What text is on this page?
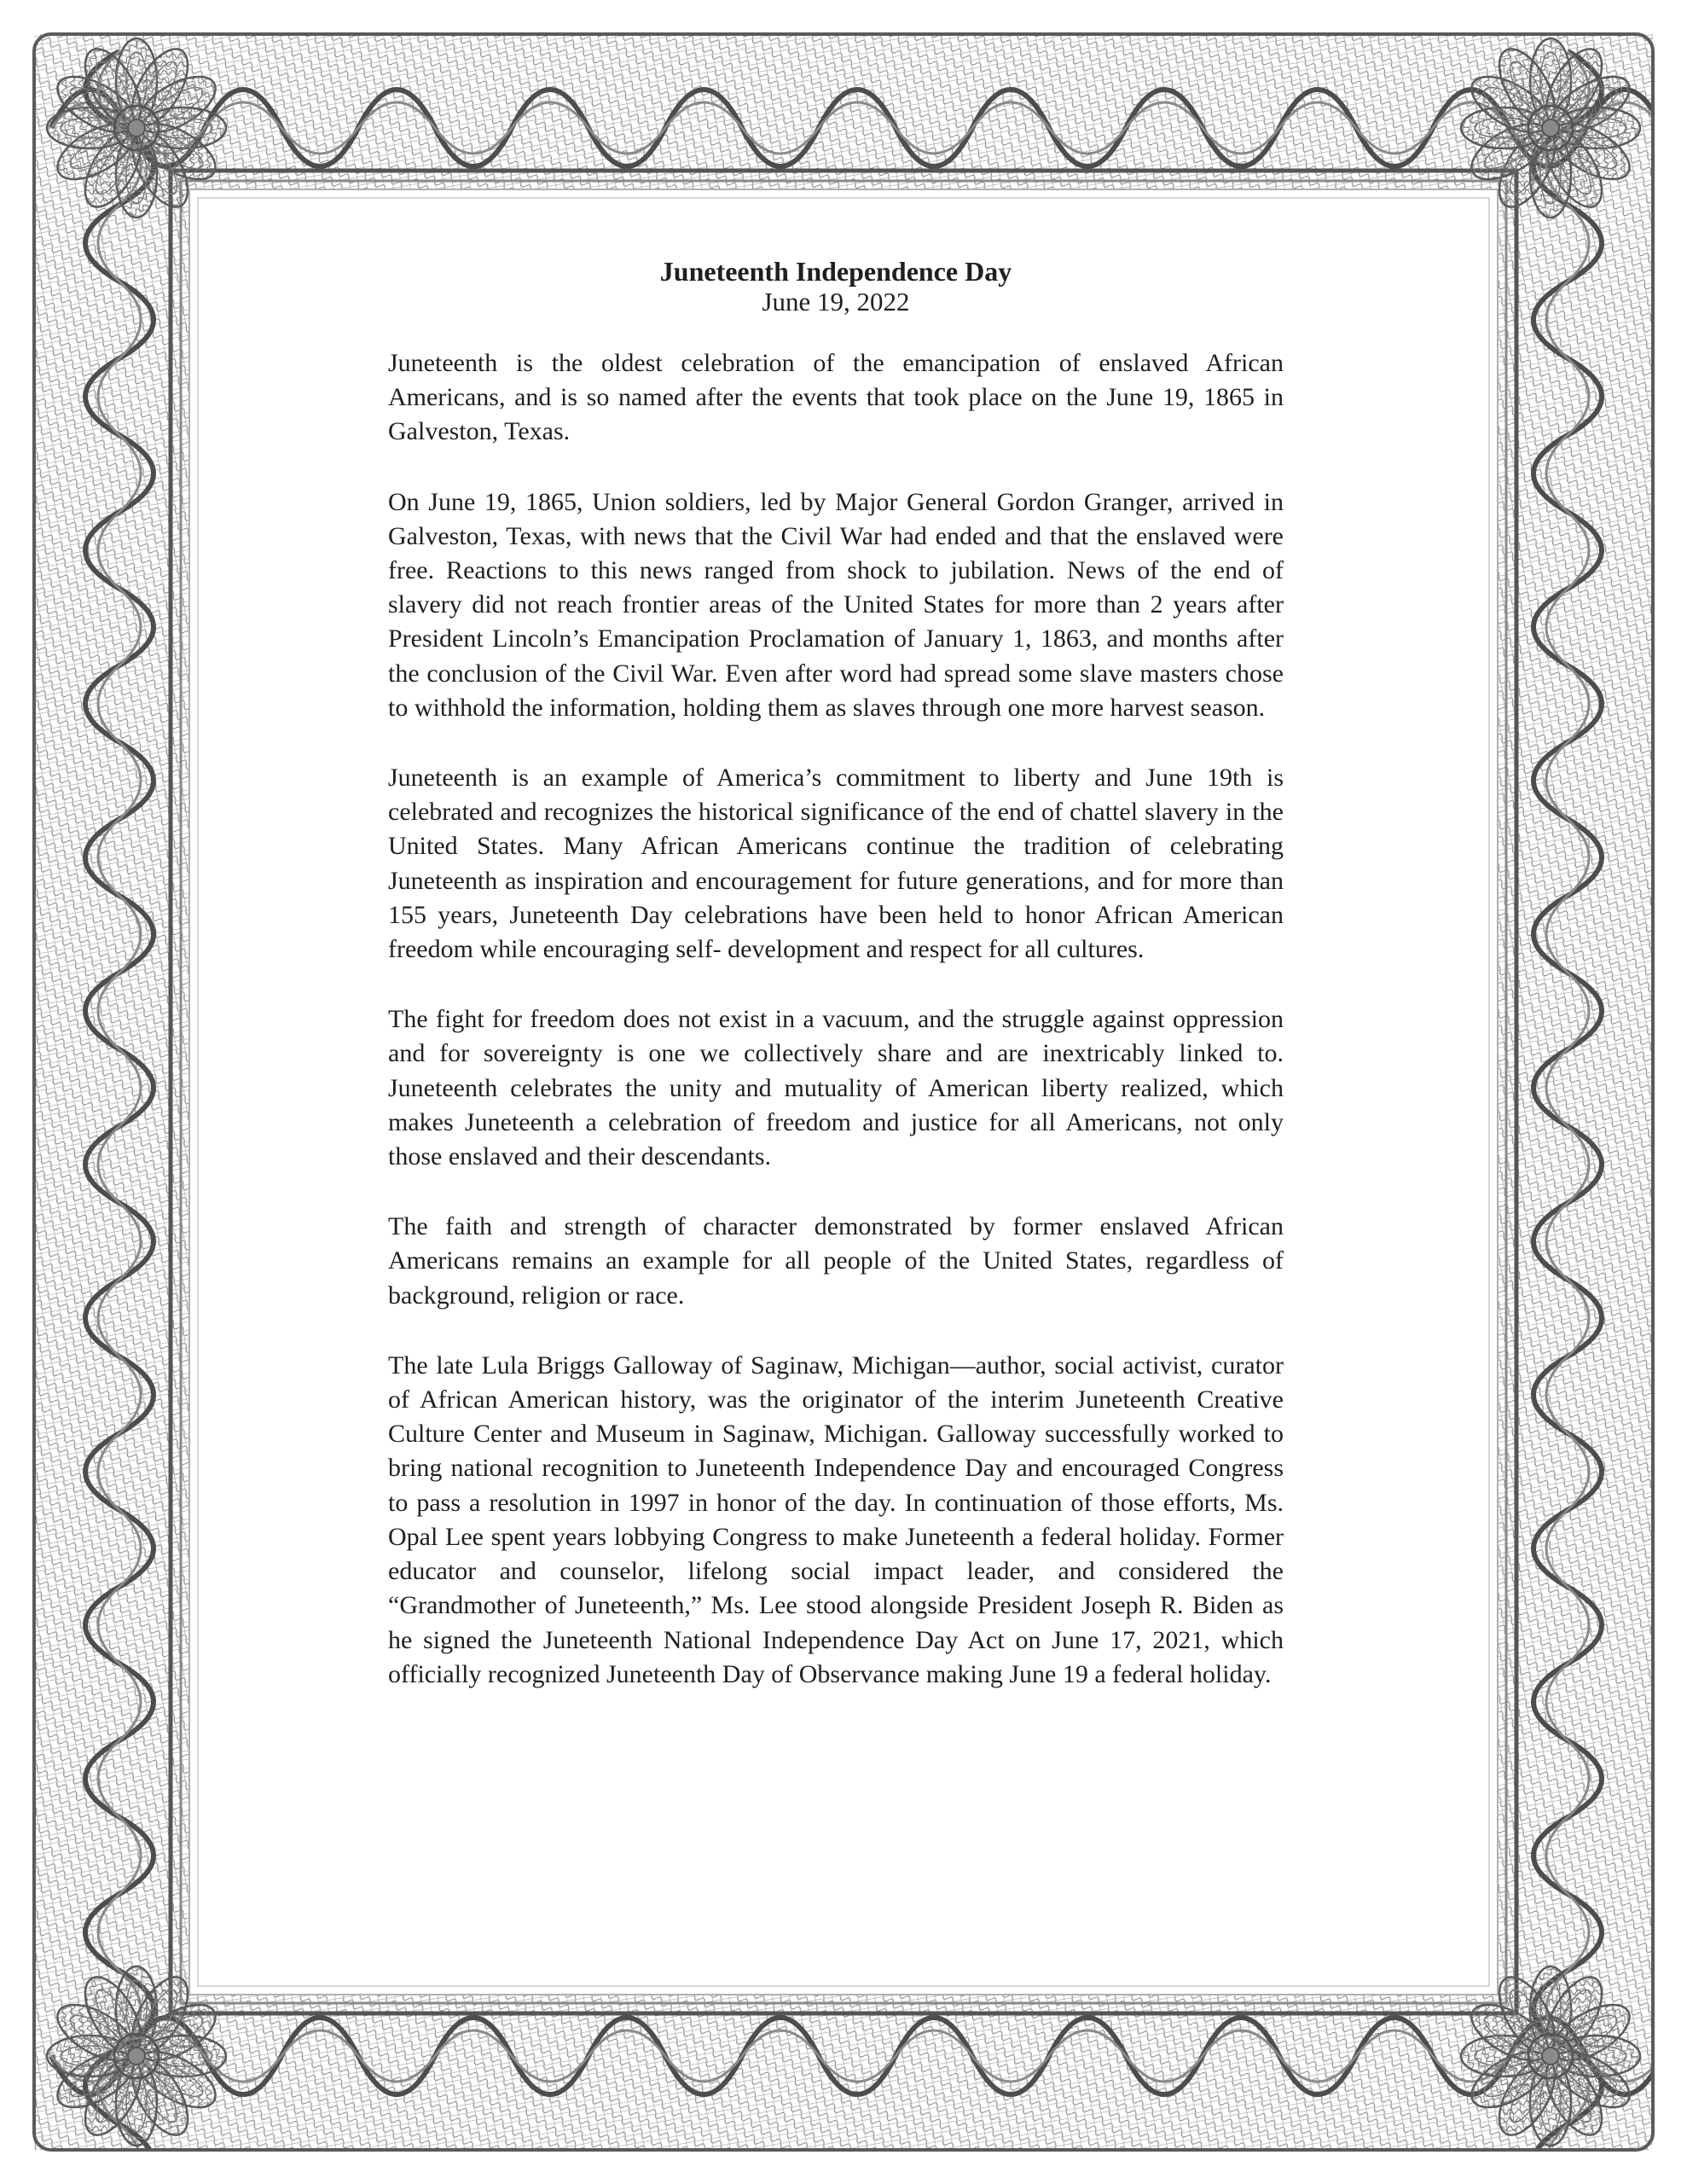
Juneteenth Independence Day

June 19, 2022

Juneteenth is the oldest celebration of the emancipation of enslaved African Americans, and is so named after the events that took place on the June 19, 1865 in Galveston, Texas.

On June 19, 1865, Union soldiers, led by Major General Gordon Granger, arrived in Galveston, Texas, with news that the Civil War had ended and that the enslaved were free. Reactions to this news ranged from shock to jubilation. News of the end of slavery did not reach frontier areas of the United States for more than 2 years after President Lincoln’s Emancipation Proclamation of January 1, 1863, and months after the conclusion of the Civil War. Even after word had spread some slave masters chose to withhold the information, holding them as slaves through one more harvest season.

Juneteenth is an example of America’s commitment to liberty and June 19th is celebrated and recognizes the historical significance of the end of chattel slavery in the United States. Many African Americans continue the tradition of celebrating Juneteenth as inspiration and encouragement for future generations, and for more than 155 years, Juneteenth Day celebrations have been held to honor African American freedom while encouraging self- development and respect for all cultures.

The fight for freedom does not exist in a vacuum, and the struggle against oppression and for sovereignty is one we collectively share and are inextricably linked to. Juneteenth celebrates the unity and mutuality of American liberty realized, which makes Juneteenth a celebration of freedom and justice for all Americans, not only those enslaved and their descendants.

The faith and strength of character demonstrated by former enslaved African Americans remains an example for all people of the United States, regardless of background, religion or race.

The late Lula Briggs Galloway of Saginaw, Michigan—author, social activist, curator of African American history, was the originator of the interim Juneteenth Creative Culture Center and Museum in Saginaw, Michigan. Galloway successfully worked to bring national recognition to Juneteenth Independence Day and encouraged Congress to pass a resolution in 1997 in honor of the day. In continuation of those efforts, Ms. Opal Lee spent years lobbying Congress to make Juneteenth a federal holiday. Former educator and counselor, lifelong social impact leader, and considered the “Grandmother of Juneteenth,” Ms. Lee stood alongside President Joseph R. Biden as he signed the Juneteenth National Independence Day Act on June 17, 2021, which officially recognized Juneteenth Day of Observance making June 19 a federal holiday.
